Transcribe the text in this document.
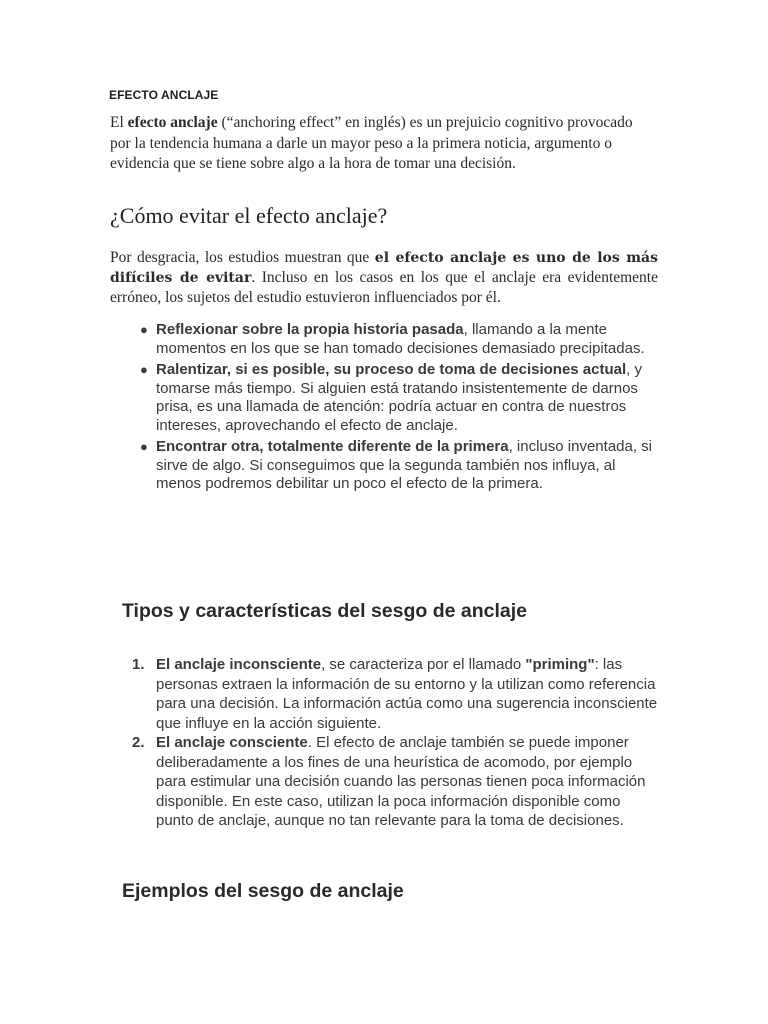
EFECTO ANCLAJE

El efecto anclaje (“anchoring effect” en inglés) es un prejuicio cognitivo provocado por la tendencia humana a darle un mayor peso a la primera noticia, argumento o evidencia que se tiene sobre algo a la hora de tomar una decisión.

¿Cómo evitar el efecto anclaje?

Por desgracia, los estudios muestran que el efecto anclaje es uno de los más difíciles de evitar. Incluso en los casos en los que el anclaje era evidentemente erróneo, los sujetos del estudio estuvieron influenciados por él.

● Reflexionar sobre la propia historia pasada, llamando a la mente momentos en los que se han tomado decisiones demasiado precipitadas.
● Ralentizar, si es posible, su proceso de toma de decisiones actual, y tomarse más tiempo. Si alguien está tratando insistentemente de darnos prisa, es una llamada de atención: podría actuar en contra de nuestros intereses, aprovechando el efecto de anclaje.
● Encontrar otra, totalmente diferente de la primera, incluso inventada, si sirve de algo. Si conseguimos que la segunda también nos influya, al menos podremos debilitar un poco el efecto de la primera.
Tipos y características del sesgo de anclaje
1. El anclaje inconsciente, se caracteriza por el llamado "priming": las personas extraen la información de su entorno y la utilizan como referencia para una decisión. La información actúa como una sugerencia inconsciente que influye en la acción siguiente.
2. El anclaje consciente. El efecto de anclaje también se puede imponer deliberadamente a los fines de una heurística de acomodo, por ejemplo para estimular una decisión cuando las personas tienen poca información disponible. En este caso, utilizan la poca información disponible como punto de anclaje, aunque no tan relevante para la toma de decisiones.
Ejemplos del sesgo de anclaje
